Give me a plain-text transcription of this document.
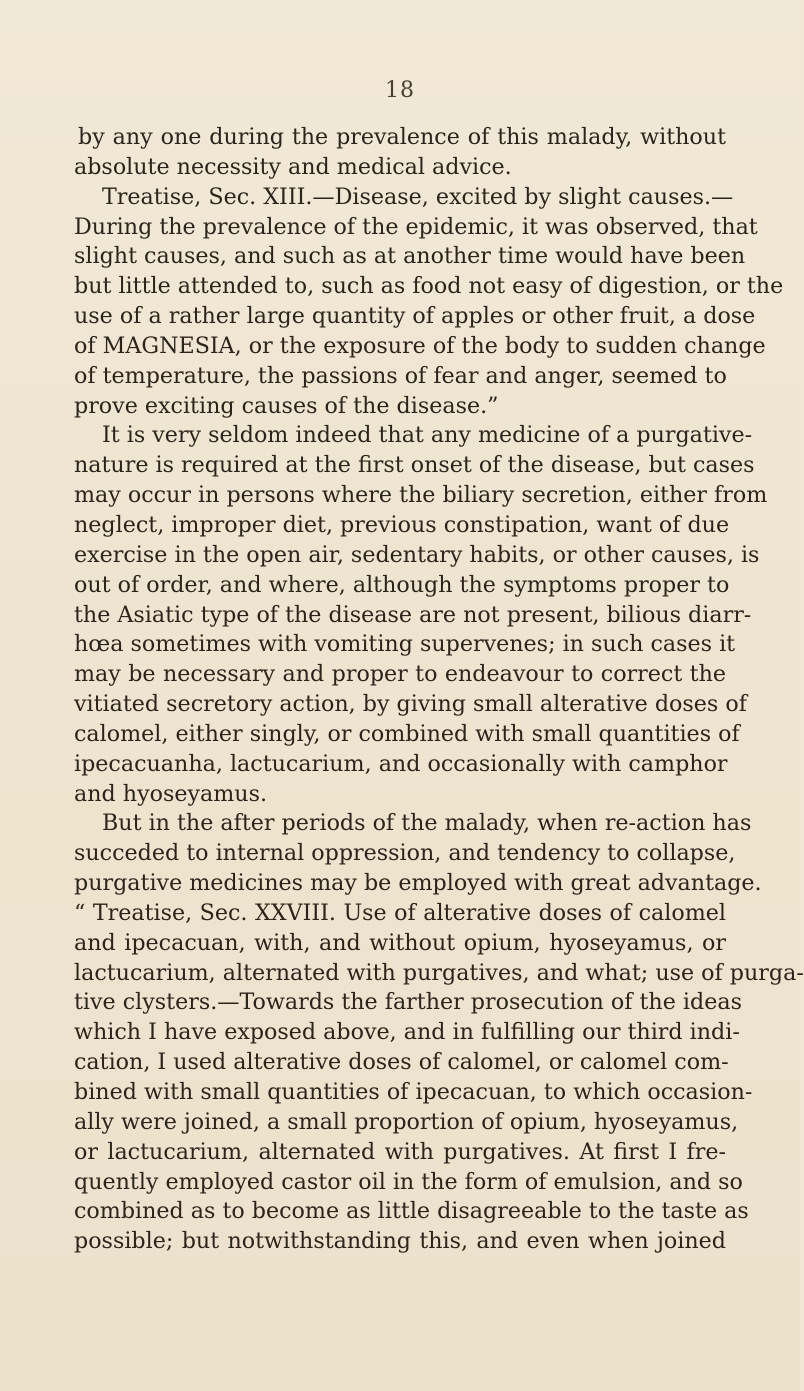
18
by any one during the prevalence of this malady, without
absolute necessity and medical advice.
Treatise, Sec. XIII.—Disease, excited by slight causes.—
During the prevalence of the epidemic, it was observed, that
slight causes, and such as at another time would have been
but little attended to, such as food not easy of digestion, or the
use of a rather large quantity of apples or other fruit, a dose
of MAGNESIA, or the exposure of the body to sudden change
of temperature, the passions of fear and anger, seemed to
prove exciting causes of the disease.”
It is very seldom indeed that any medicine of a purgative-
nature is required at the first onset of the disease, but cases
may occur in persons where the biliary secretion, either from
neglect, improper diet, previous constipation, want of due
exercise in the open air, sedentary habits, or other causes, is
out of order, and where, although the symptoms proper to
the Asiatic type of the disease are not present, bilious diarr-
hœa sometimes with vomiting supervenes; in such cases it
may be necessary and proper to endeavour to correct the
vitiated secretory action, by giving small alterative doses of
calomel, either singly, or combined with small quantities of
ipecacuanha, lactucarium, and occasionally with camphor
and hyoseyamus.
But in the after periods of the malady, when re-action has
succeded to internal oppression, and tendency to collapse,
purgative medicines may be employed with great advantage.
“ Treatise, Sec. XXVIII. Use of alterative doses of calomel
and ipecacuan, with, and without opium, hyoseyamus, or
lactucarium, alternated with purgatives, and what; use of purga-
tive clysters.—Towards the farther prosecution of the ideas
which I have exposed above, and in fulfilling our third indi-
cation, I used alterative doses of calomel, or calomel com-
bined with small quantities of ipecacuan, to which occasion-
ally were joined, a small proportion of opium, hyoseyamus,
or lactucarium, alternated with purgatives. At first I fre-
quently employed castor oil in the form of emulsion, and so
combined as to become as little disagreeable to the taste as
possible; but notwithstanding this, and even when joined
